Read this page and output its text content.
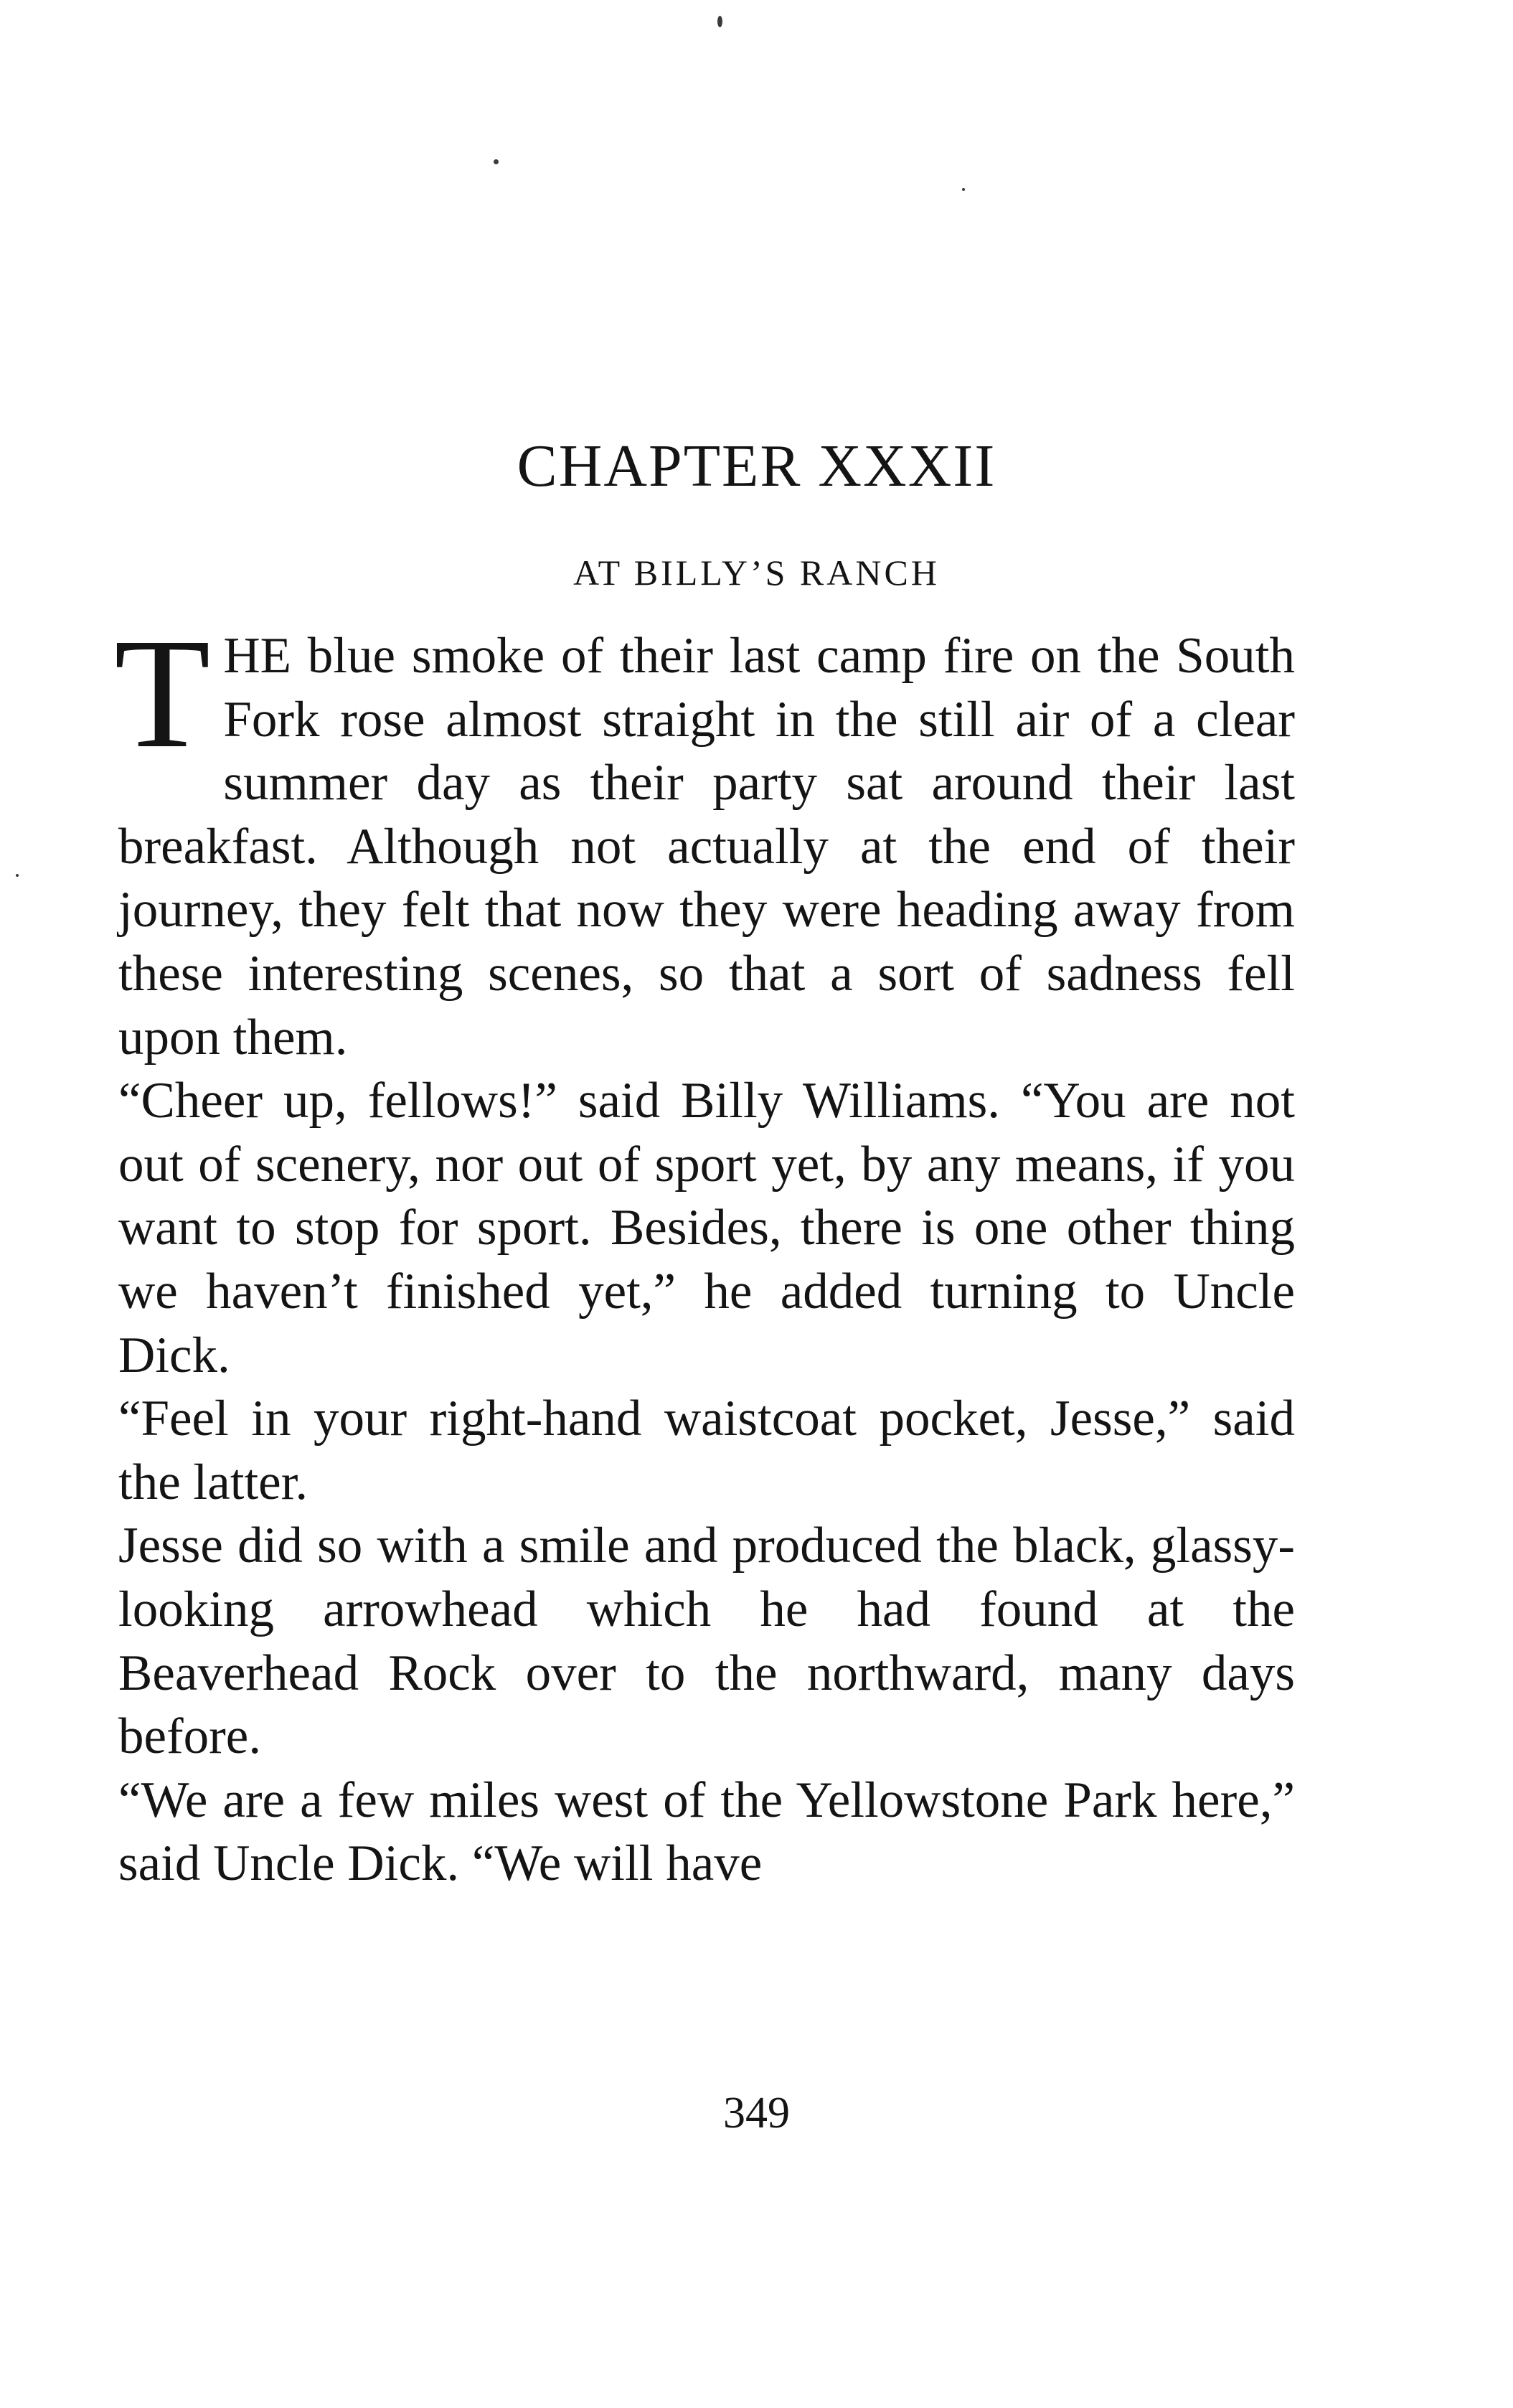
CHAPTER XXXII
AT BILLY’S RANCH

THE blue smoke of their last camp fire on the South Fork rose almost straight in the still air of a clear summer day as their party sat around their last breakfast. Although not actually at the end of their journey, they felt that now they were heading away from these interesting scenes, so that a sort of sadness fell upon them.

“Cheer up, fellows!” said Billy Williams. “You are not out of scenery, nor out of sport yet, by any means, if you want to stop for sport. Besides, there is one other thing we haven’t finished yet,” he added turning to Uncle Dick.

“Feel in your right-hand waistcoat pocket, Jesse,” said the latter.

Jesse did so with a smile and produced the black, glassy-looking arrowhead which he had found at the Beaverhead Rock over to the northward, many days before.

“We are a few miles west of the Yellowstone Park here,” said Uncle Dick. “We will have

349
